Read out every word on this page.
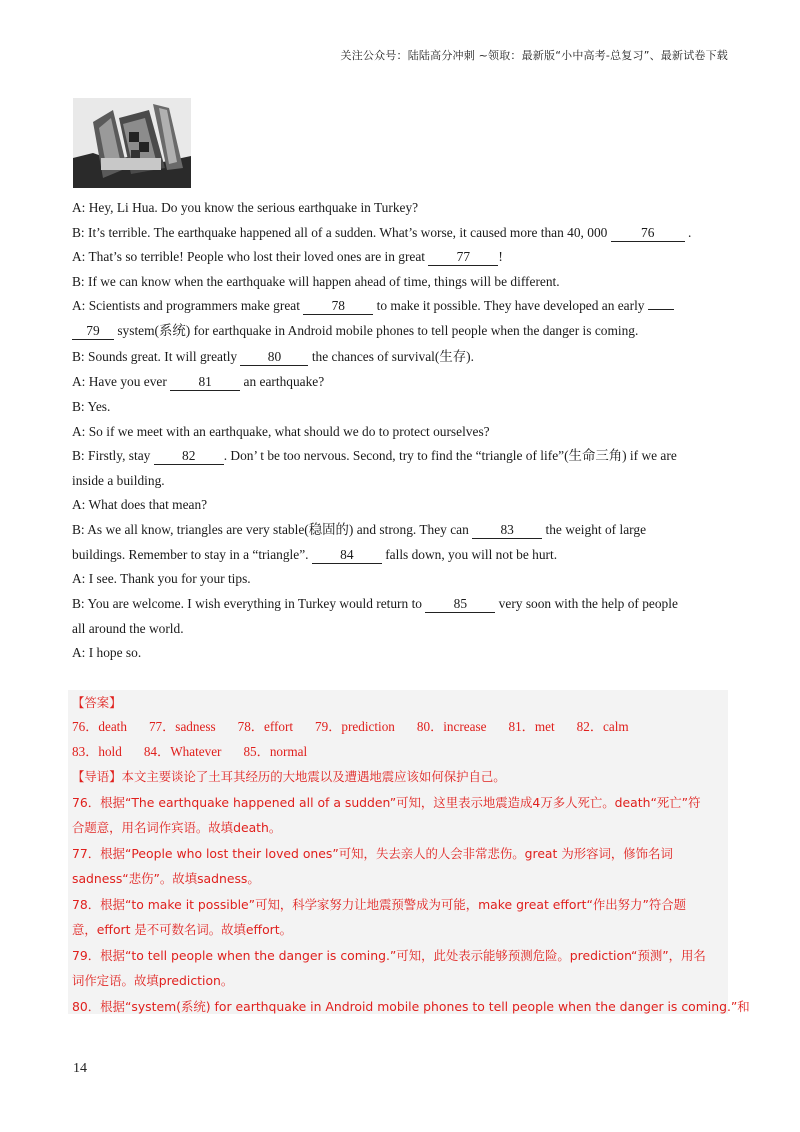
关注公众号：陆陆高分冲刺 ~领取：最新版“小中高考-总复习”、最新试卷下载
A: Hey, Li Hua. Do you know the serious earthquake in Turkey?
B: It’s terrible. The earthquake happened all of a sudden. What’s worse, it caused more than 40, 000 76 .
A: That’s so terrible! People who lost their loved ones are in great 77 !
B: If we can know when the earthquake will happen ahead of time, things will be different.
A: Scientists and programmers make great 78 to make it possible. They have developed an early
79 system(系统) for earthquake in Android mobile phones to tell people when the danger is coming.
B: Sounds great. It will greatly 80 the chances of survival(生存).
A: Have you ever 81 an earthquake?
B: Yes.
A: So if we meet with an earthquake, what should we do to protect ourselves?
B: Firstly, stay 82 . Don’ t be too nervous. Second, try to find the “triangle of life”(生命三角) if we are
inside a building.
A: What does that mean?
B: As we all know, triangles are very stable(稳固的) and strong. They can 83 the weight of large
buildings. Remember to stay in a “triangle”. 84 falls down, you will not be hurt.
A: I see. Thank you for your tips.
B: You are welcome. I wish everything in Turkey would return to 85 very soon with the help of people
all around the world.
A: I hope so.
【答案】
76．death 77．sadness 78．effort 79．prediction 80．increase 81．met 82．calm
83．hold 84．Whatever 85．normal
【导语】本文主要谈论了土耳其经历的大地震以及遭遇地震应该如何保护自己。
76．根据“The earthquake happened all of a sudden”可知，这里表示地震造成4万多人死亡。death“死亡”符
合题意，用名词作宾语。故填death。
77．根据“People who lost their loved ones”可知，失去亲人的人会非常悲伤。great 为形容词，修饰名词
sadness“悲伤”。故填sadness。
78．根据“to make it possible”可知，科学家努力让地震预警成为可能，make great effort“作出努力”符合题
意，effort 是不可数名词。故填effort。
79．根据“to tell people when the danger is coming.”可知，此处表示能够预测危险。prediction“预测”，用名
词作定语。故填prediction。
80．根据“system(系统) for earthquake in Android mobile phones to tell people when the danger is coming.”和
14
